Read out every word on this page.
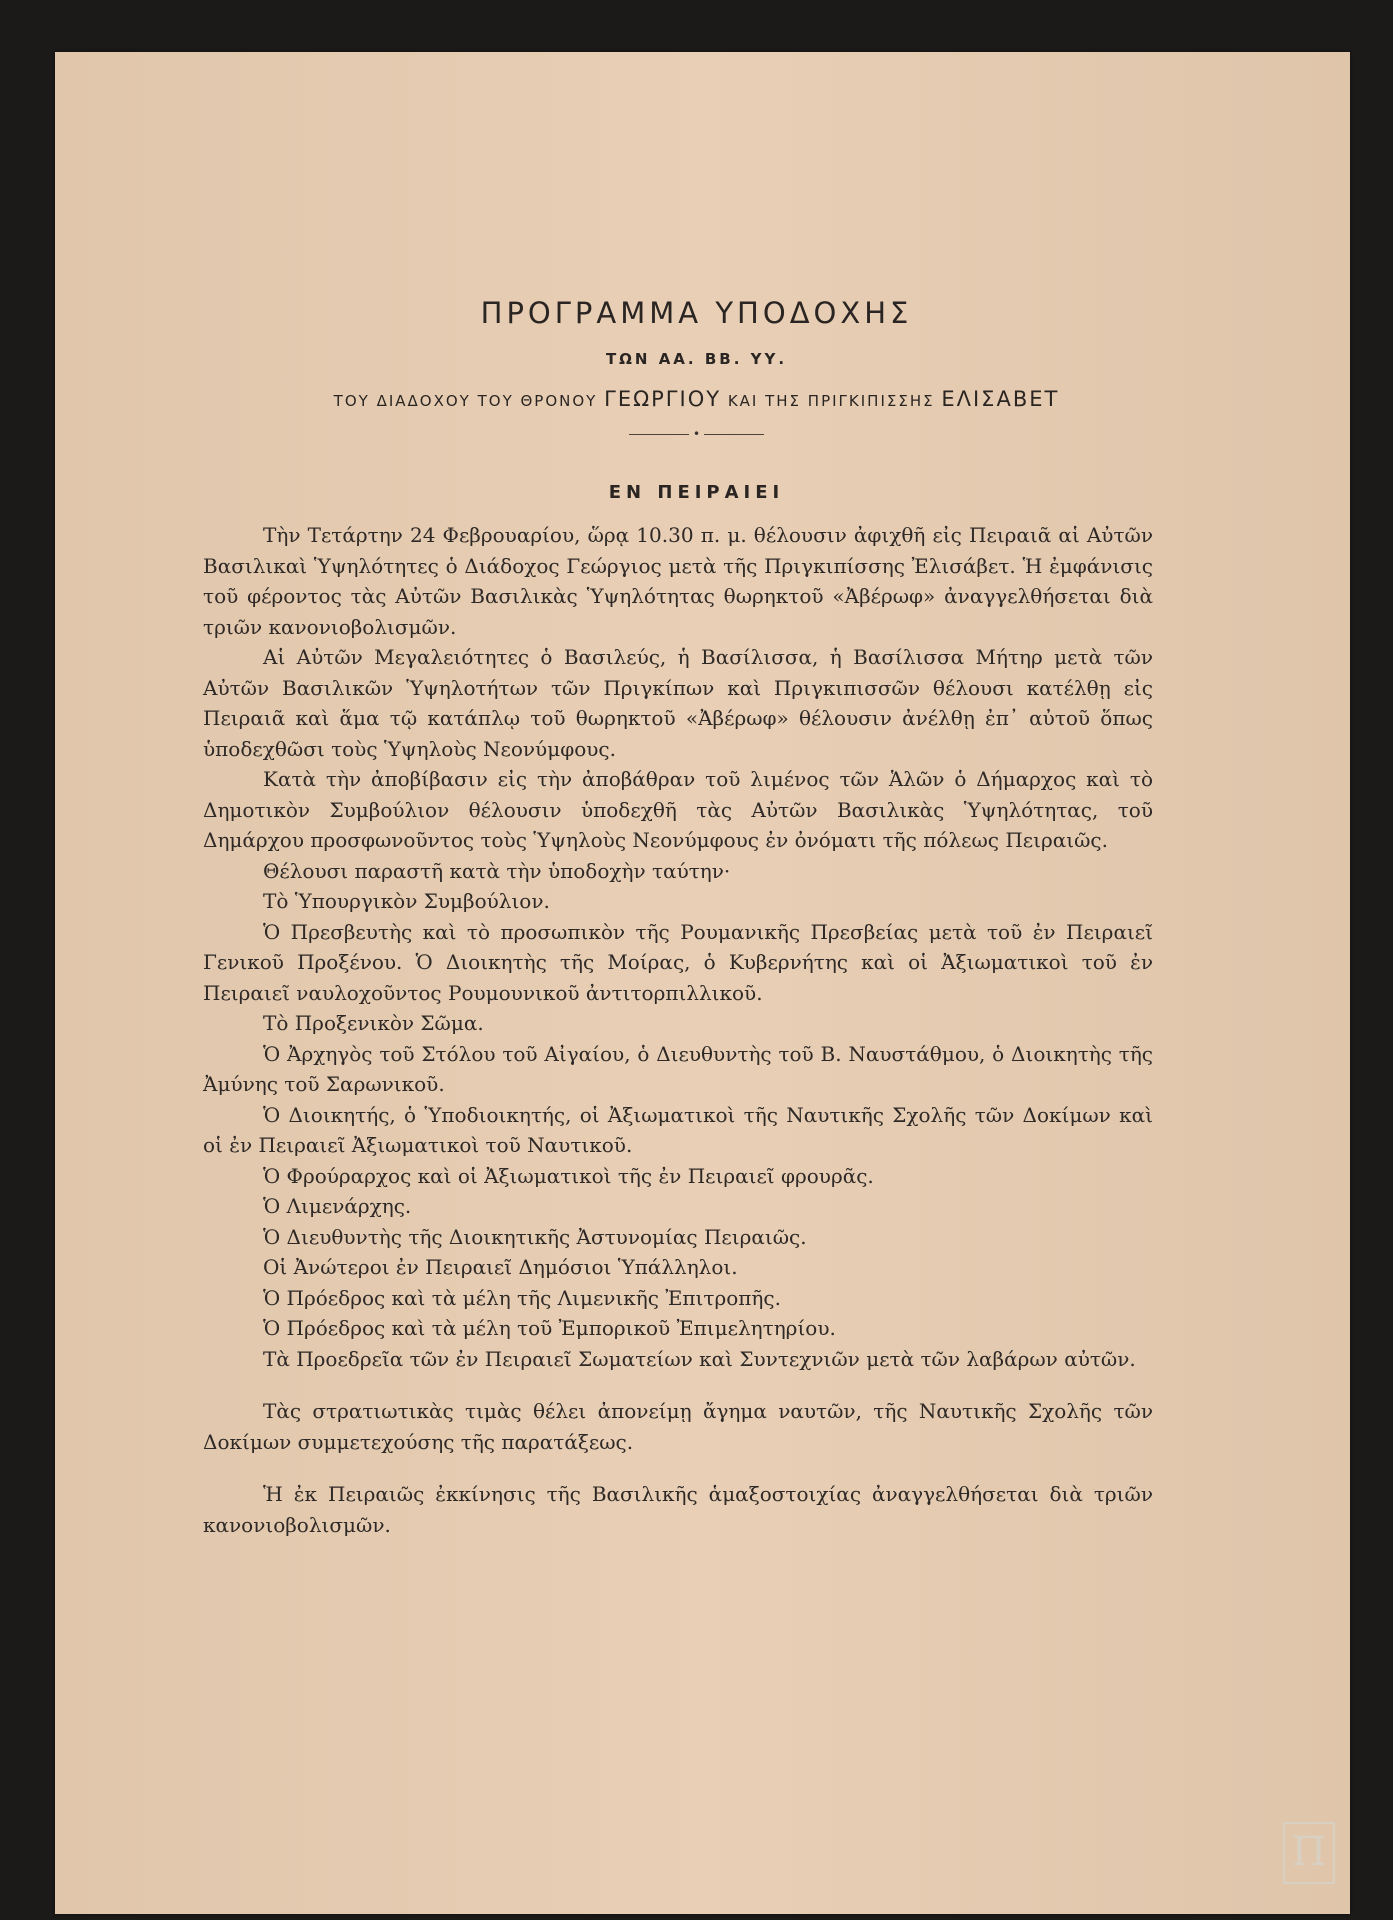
ΠΡΟΓΡΑΜΜΑ ΥΠΟΔΟΧΗΣ
ΤΩΝ ΑΑ. ΒΒ. ΥΥ.
ΤΟΥ ΔΙΑΔΟΧΟΥ ΤΟΥ ΘΡΟΝΟΥ ΓΕΩΡΓΙΟΥ ΚΑΙ ΤΗΣ ΠΡΙΓΚΙΠΙΣΣΗΣ ΕΛΙΣΑΒΕΤ
•
ΕΝ ΠΕΙΡΑΙΕΙ

Τὴν Τετάρτην 24 Φεβρουαρίου, ὥρᾳ 10.30 π. μ. θέλουσιν ἀφιχθῆ εἰς Πειραιᾶ αἱ Αὐτῶν Βασιλικαὶ Ὑψηλότητες ὁ Διάδοχος Γεώργιος μετὰ τῆς Πριγκιπίσσης Ἐλισάβετ. Ἡ ἐμφάνισις τοῦ φέροντος τὰς Αὐτῶν Βασιλικὰς Ὑψηλότητας θωρηκτοῦ «Ἀβέρωφ» ἀναγγελθήσεται διὰ τριῶν κανονιοβολισμῶν.

Αἱ Αὐτῶν Μεγαλειότητες ὁ Βασιλεύς, ἡ Βασίλισσα, ἡ Βασίλισσα Μήτηρ μετὰ τῶν Αὐτῶν Βασιλικῶν Ὑψηλοτήτων τῶν Πριγκίπων καὶ Πριγκιπισσῶν θέλουσι κατέλθῃ εἰς Πειραιᾶ καὶ ἅμα τῷ κατάπλῳ τοῦ θωρηκτοῦ «Ἀβέρωφ» θέλουσιν ἀνέλθῃ ἐπ᾽ αὐτοῦ ὅπως ὑποδεχθῶσι τοὺς Ὑψηλοὺς Νεονύμφους.

Κατὰ τὴν ἀποβίβασιν εἰς τὴν ἀποβάθραν τοῦ λιμένος τῶν Ἁλῶν ὁ Δήμαρχος καὶ τὸ Δημοτικὸν Συμβούλιον θέλουσιν ὑποδεχθῆ τὰς Αὐτῶν Βασιλικὰς Ὑψηλότητας, τοῦ Δημάρχου προσφωνοῦντος τοὺς Ὑψηλοὺς Νεονύμφους ἐν ὀνόματι τῆς πόλεως Πειραιῶς.

Θέλουσι παραστῆ κατὰ τὴν ὑποδοχὴν ταύτην·

Τὸ Ὑπουργικὸν Συμβούλιον.

Ὁ Πρεσβευτὴς καὶ τὸ προσωπικὸν τῆς Ρουμανικῆς Πρεσβείας μετὰ τοῦ ἐν Πειραιεῖ Γενικοῦ Προξένου. Ὁ Διοικητὴς τῆς Μοίρας, ὁ Κυβερνήτης καὶ οἱ Ἀξιωματικοὶ τοῦ ἐν Πειραιεῖ ναυλοχοῦντος Ρουμουνικοῦ ἀντιτορπιλλικοῦ.

Τὸ Προξενικὸν Σῶμα.

Ὁ Ἀρχηγὸς τοῦ Στόλου τοῦ Αἰγαίου, ὁ Διευθυντὴς τοῦ Β. Ναυστάθμου, ὁ Διοικητὴς τῆς Ἀμύνης τοῦ Σαρωνικοῦ.

Ὁ Διοικητής, ὁ Ὑποδιοικητής, οἱ Ἀξιωματικοὶ τῆς Ναυτικῆς Σχολῆς τῶν Δοκίμων καὶ οἱ ἐν Πειραιεῖ Ἀξιωματικοὶ τοῦ Ναυτικοῦ.

Ὁ Φρούραρχος καὶ οἱ Ἀξιωματικοὶ τῆς ἐν Πειραιεῖ φρουρᾶς.

Ὁ Λιμενάρχης.

Ὁ Διευθυντὴς τῆς Διοικητικῆς Ἀστυνομίας Πειραιῶς.

Οἱ Ἀνώτεροι ἐν Πειραιεῖ Δημόσιοι Ὑπάλληλοι.

Ὁ Πρόεδρος καὶ τὰ μέλη τῆς Λιμενικῆς Ἐπιτροπῆς.

Ὁ Πρόεδρος καὶ τὰ μέλη τοῦ Ἐμπορικοῦ Ἐπιμελητηρίου.

Τὰ Προεδρεῖα τῶν ἐν Πειραιεῖ Σωματείων καὶ Συντεχνιῶν μετὰ τῶν λαβάρων αὐτῶν.

Τὰς στρατιωτικὰς τιμὰς θέλει ἀπονείμῃ ἄγημα ναυτῶν, τῆς Ναυτικῆς Σχολῆς τῶν Δοκίμων συμμετεχούσης τῆς παρατάξεως.

Ἡ ἐκ Πειραιῶς ἐκκίνησις τῆς Βασιλικῆς ἁμαξοστοιχίας ἀναγγελθήσεται διὰ τριῶν κανονιοβολισμῶν.

Π
